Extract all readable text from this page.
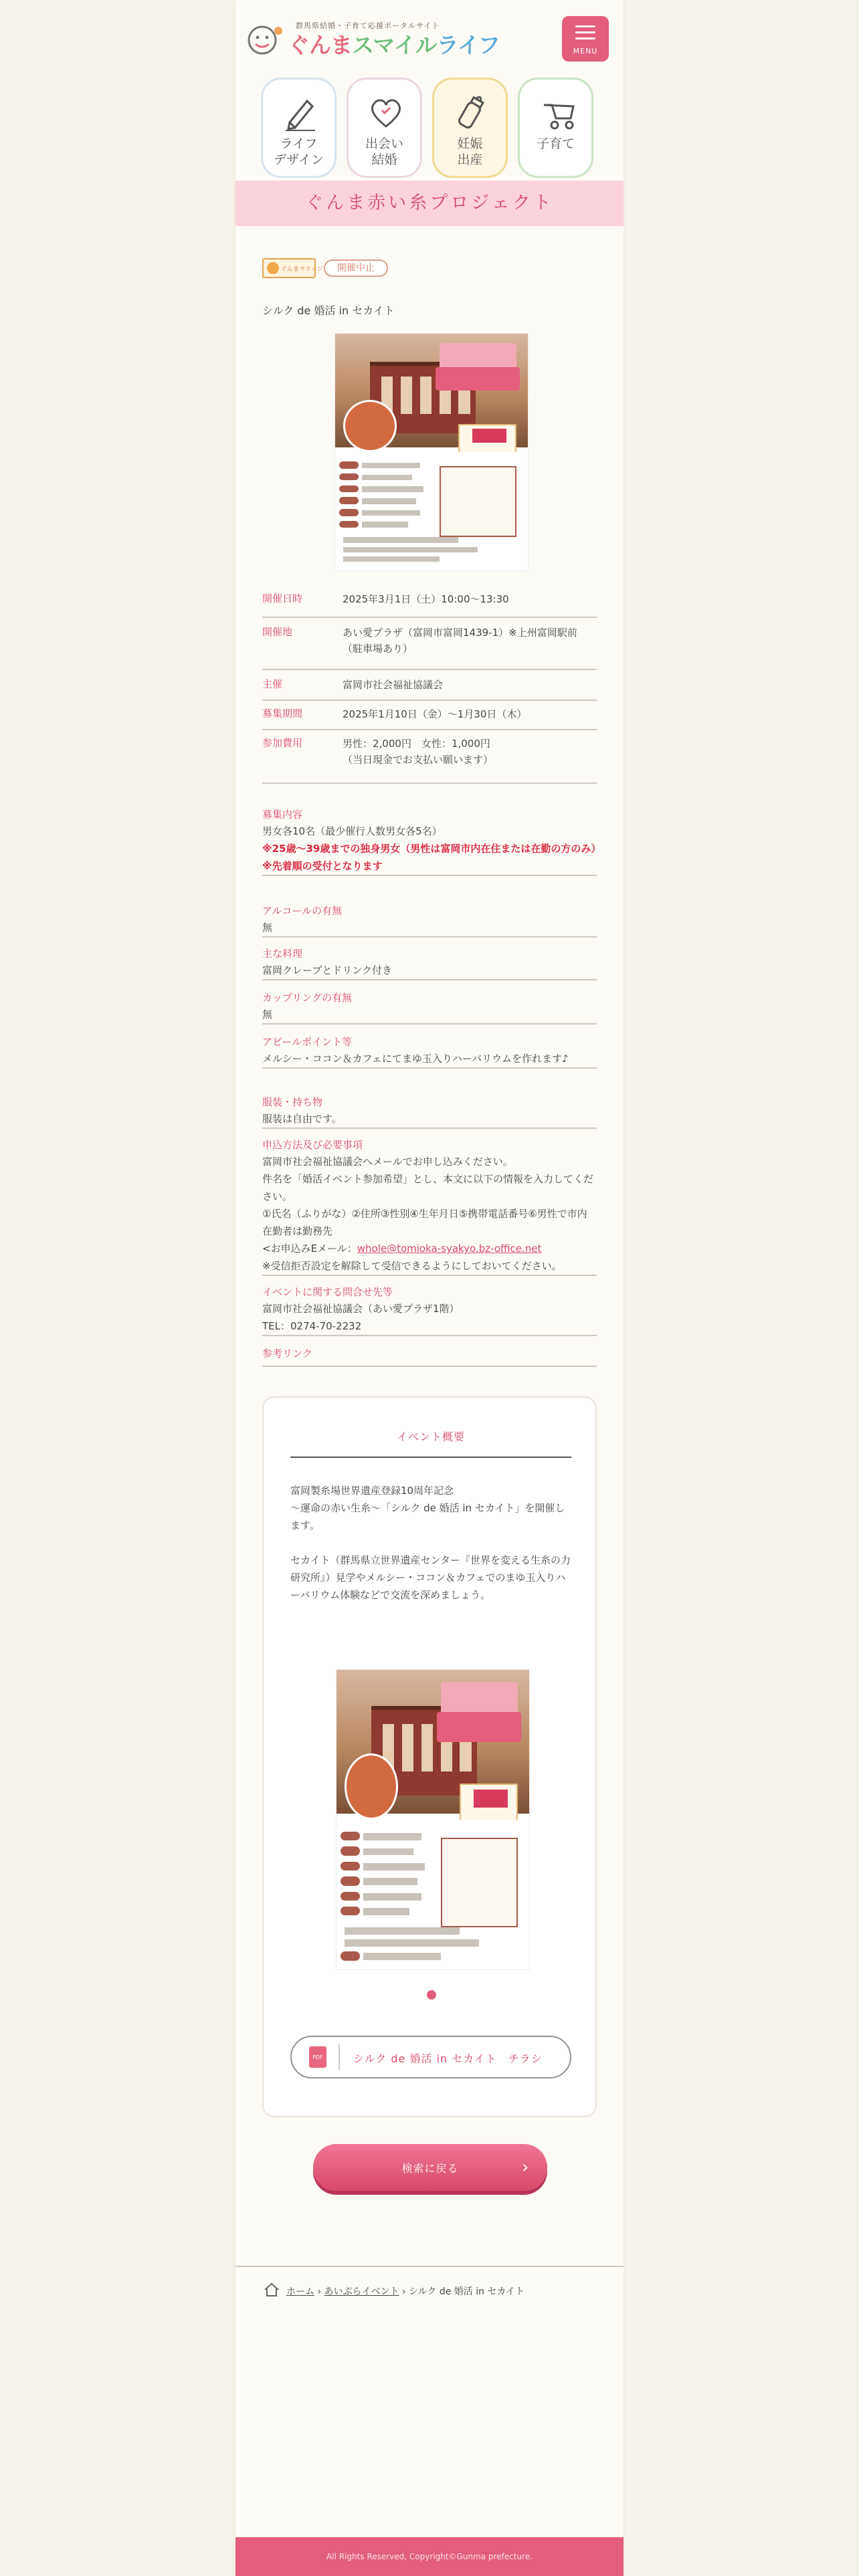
群馬県結婚・子育て応援ポータルサイト
ぐんまスマイルライフ	MENU
ライフ
デザイン
出会い
結婚
妊娠
出産
子育て
ぐんま赤い糸プロジェクト
ぐんまマリッジ	開催中止
シルク de 婚活 in セカイト
開催日時	2025年3月1日（土）10:00〜13:30
開催地	あい愛プラザ（富岡市富岡1439-1）※上州富岡駅前（駐車場あり）
主催	富岡市社会福祉協議会
募集期間	2025年1月10日（金）〜1月30日（木）
参加費用	男性：2,000円　女性：1,000円
（当日現金でお支払い願います）
募集内容
男女各10名（最少催行人数男女各5名）
※25歳〜39歳までの独身男女（男性は富岡市内在住または在勤の方のみ）
※先着順の受付となります
アルコールの有無
無
主な料理
富岡クレープとドリンク付き
カップリングの有無
無
アピールポイント等
メルシー・ココン＆カフェにてまゆ玉入りハーバリウムを作れます♪
服装・持ち物
服装は自由です。
申込方法及び必要事項
富岡市社会福祉協議会へメールでお申し込みください。
件名を「婚活イベント参加希望」とし、本文に以下の情報を入力してください。
①氏名（ふりがな）②住所③性別④生年月日⑤携帯電話番号⑥男性で市内在勤者は勤務先
<お申込みEメール：whole@tomioka-syakyo.bz-office.net
※受信拒否設定を解除して受信できるようにしておいてください。
イベントに関する問合せ先等
富岡市社会福祉協議会（あい愛プラザ1階）
TEL：0274-70-2232
参考リンク
イベント概要
富岡製糸場世界遺産登録10周年記念
〜運命の赤い生糸〜「シルク de 婚活 in セカイト」を開催します。
セカイト（群馬県立世界遺産センター『世界を変える生糸の力研究所』）見学やメルシー・ココン＆カフェでのまゆ玉入りハーバリウム体験などで交流を深めましょう。
PDF	シルク de 婚活 in セカイト　チラシ
検索に戻る	›
ホーム › あいぷらイベント › シルク de 婚活 in セカイト
All Rights Reserved, Copyright©Gunma prefecture.
